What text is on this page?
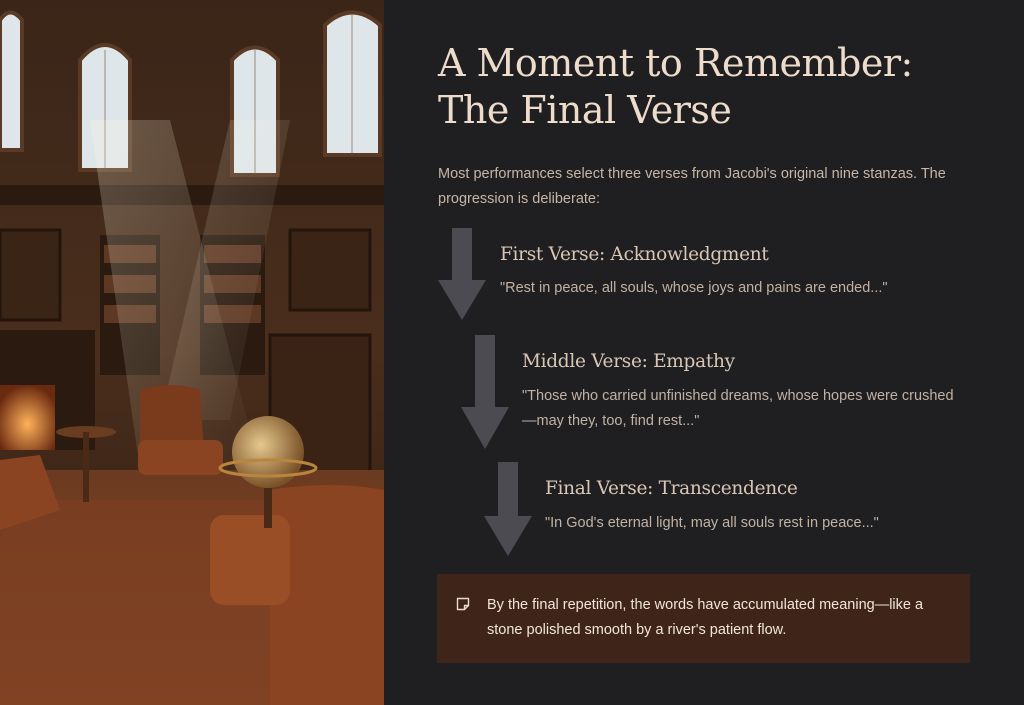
A Moment to Remember:
The Final Verse

Most performances select three verses from Jacobi's original nine stanzas. The progression is deliberate:

First Verse: Acknowledgment

"Rest in peace, all souls, whose joys and pains are ended..."

Middle Verse: Empathy

"Those who carried unfinished dreams, whose hopes were crushed—may they, too, find rest..."

Final Verse: Transcendence

"In God's eternal light, may all souls rest in peace..."

By the final repetition, the words have accumulated meaning—like a stone polished smooth by a river's patient flow.
